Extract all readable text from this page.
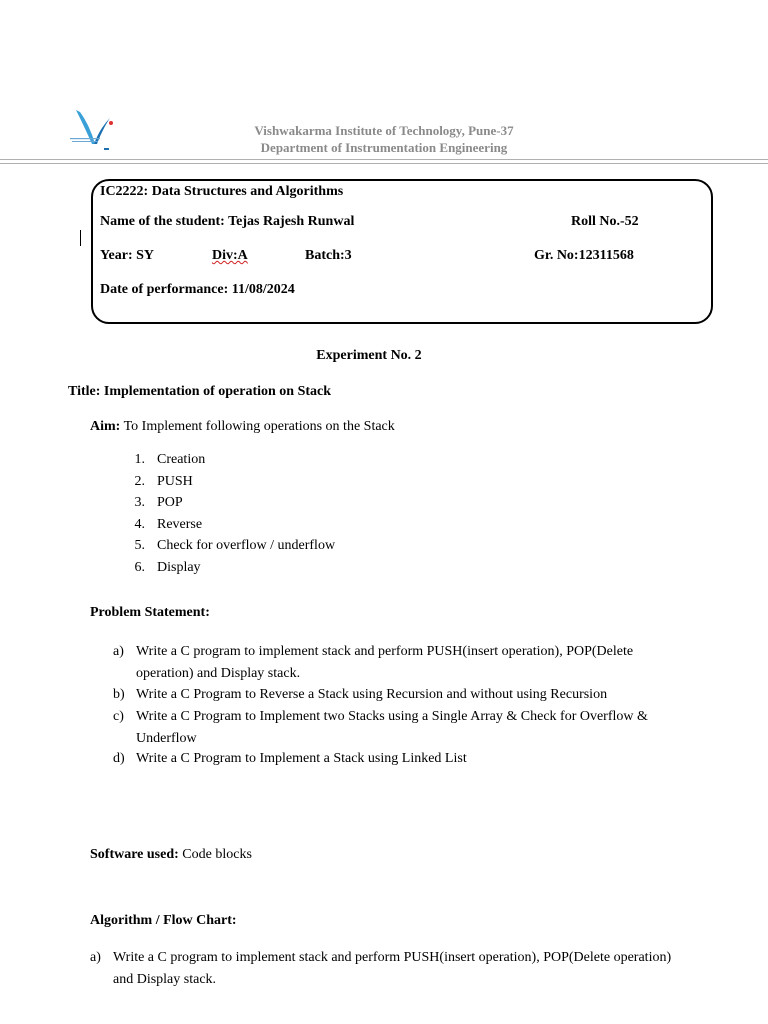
Vishwakarma Institute of Technology, Pune-37
Department of Instrumentation Engineering
IC2222: Data Structures and Algorithms
Name of the student: Tejas Rajesh Runwal	Roll No.-52
Year: SY	Div:A	Batch:3	Gr. No:12311568
Date of performance: 11/08/2024
Experiment No. 2
Title: Implementation of operation on Stack
Aim: To Implement following operations on the Stack
1. Creation
2. PUSH
3. POP
4. Reverse
5. Check for overflow / underflow
6. Display
Problem Statement:
a) Write a C program to implement stack and perform PUSH(insert operation), POP(Delete operation) and Display stack.
b) Write a C Program to Reverse a Stack using Recursion and without using Recursion
c) Write a C Program to Implement two Stacks using a Single Array & Check for Overflow & Underflow
d) Write a C Program to Implement a Stack using Linked List
Software used: Code blocks
Algorithm / Flow Chart:
a) Write a C program to implement stack and perform PUSH(insert operation), POP(Delete operation) and Display stack.
